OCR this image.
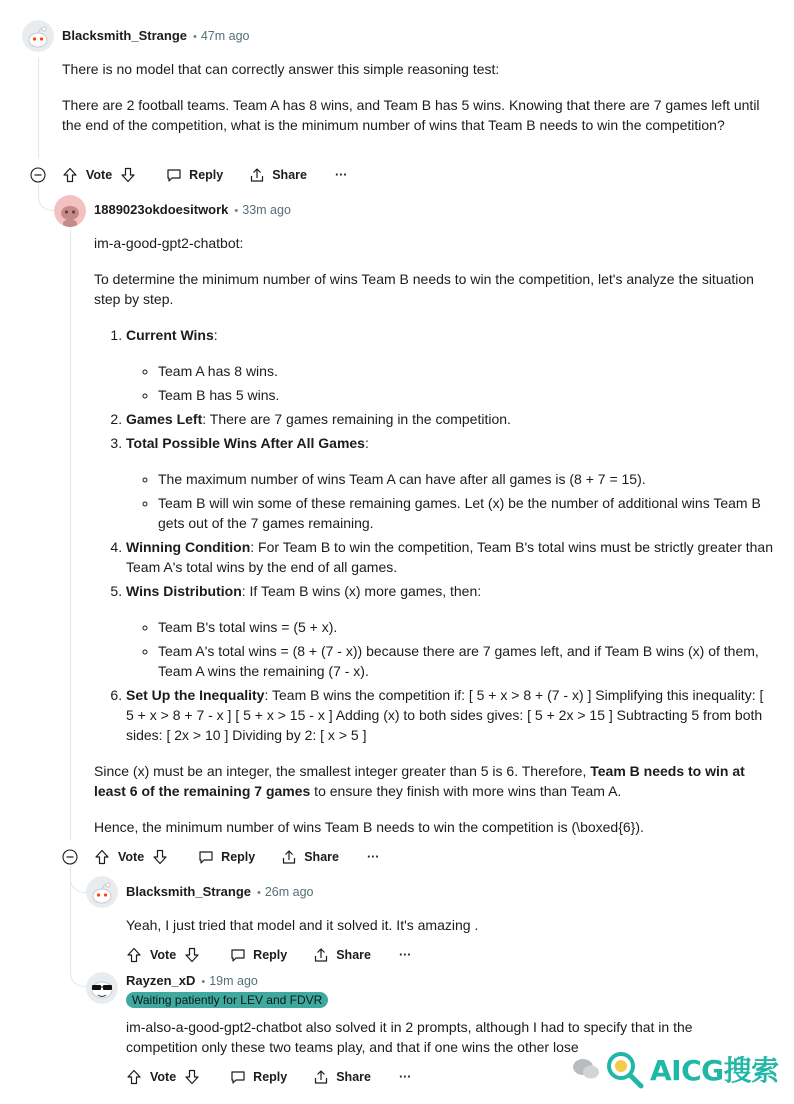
Blacksmith_Strange • 47m ago

There is no model that can correctly answer this simple reasoning test:

There are 2 football teams. Team A has 8 wins, and Team B has 5 wins. Knowing that there are 7 games left until the end of the competition, what is the minimum number of wins that Team B needs to win the competition?

Vote	Reply	Share ···
1889023okdoesitwork • 33m ago

im-a-good-gpt2-chatbot:

To determine the minimum number of wins Team B needs to win the competition, let's analyze the situation step by step.

1. Current Wins:
◦ Team A has 8 wins.
◦ Team B has 5 wins.
2. Games Left: There are 7 games remaining in the competition.
3. Total Possible Wins After All Games:
◦ The maximum number of wins Team A can have after all games is (8 + 7 = 15).
◦ Team B will win some of these remaining games. Let (x) be the number of additional wins Team B gets out of the 7 games remaining.
4. Winning Condition: For Team B to win the competition, Team B's total wins must be strictly greater than Team A's total wins by the end of all games.
5. Wins Distribution: If Team B wins (x) more games, then:
◦ Team B's total wins = (5 + x).
◦ Team A's total wins = (8 + (7 - x)) because there are 7 games left, and if Team B wins (x) of them, Team A wins the remaining (7 - x).
6. Set Up the Inequality: Team B wins the competition if: [ 5 + x > 8 + (7 - x) ] Simplifying this inequality: [ 5 + x > 8 + 7 - x ] [ 5 + x > 15 - x ] Adding (x) to both sides gives: [ 5 + 2x > 15 ] Subtracting 5 from both sides: [ 2x > 10 ] Dividing by 2: [ x > 5 ]

Since (x) must be an integer, the smallest integer greater than 5 is 6. Therefore, Team B needs to win at least 6 of the remaining 7 games to ensure they finish with more wins than Team A.

Hence, the minimum number of wins Team B needs to win the competition is (\boxed{6}).

Vote	Reply	Share ···
Blacksmith_Strange • 26m ago

Yeah, I just tried that model and it solved it. It's amazing .

Vote	Reply	Share ···
Rayzen_xD • 19m ago
Waiting patiently for LEV and FDVR

im-also-a-good-gpt2-chatbot also solved it in 2 prompts, although I had to specify that in the

competition only these two teams play, and that if one wins the other lose

Vote	Reply	Share ···	AICG搜索
